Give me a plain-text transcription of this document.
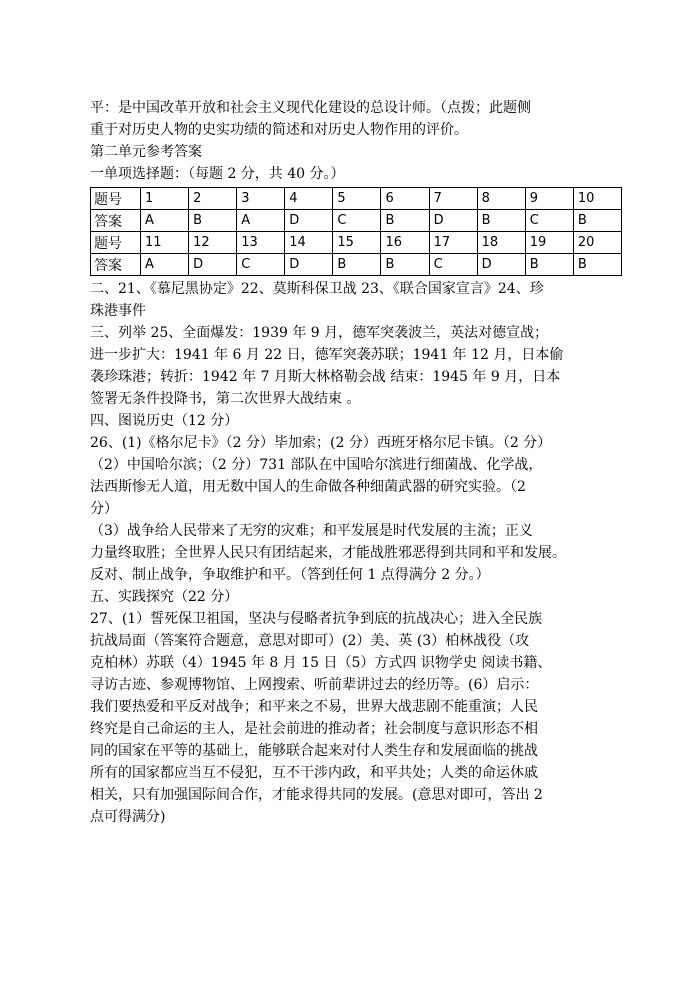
平：是中国改革开放和社会主义现代化建设的总设计师。（点拨；此题侧
重于对历史人物的史实功绩的简述和对历史人物作用的评价。
第二单元参考答案
一单项选择题：（每题 2 分，共 40 分。）
题号	1	2	3	4	5	6	7	8	9	10
答案	A	B	A	D	C	B	D	B	C	B
题号	11	12	13	14	15	16	17	18	19	20
答案	A	D	C	D	B	B	C	D	B	B
二、21、《慕尼黑协定》22、莫斯科保卫战 23、《联合国家宣言》24、珍
珠港事件
三、列举 25、全面爆发：1939 年 9 月，德军突袭波兰，英法对德宣战；
进一步扩大：1941 年 6 月 22 日，德军突袭苏联；1941 年 12 月，日本偷
袭珍珠港；转折：1942 年 7 月斯大林格勒会战 结束：1945 年 9 月，日本
签署无条件投降书，第二次世界大战结束 。
四、图说历史（12 分）
26、(1)《格尔尼卡》（2 分）毕加索；(2 分）西班牙格尔尼卡镇。（2 分）
（2）中国哈尔滨；（2 分）731 部队在中国哈尔滨进行细菌战、化学战，
法西斯惨无人道，用无数中国人的生命做各种细菌武器的研究实验。（2
分）
（3）战争给人民带来了无穷的灾难；和平发展是时代发展的主流；正义
力量终取胜；全世界人民只有团结起来，才能战胜邪恶得到共同和平和发展。
反对、制止战争，争取维护和平。（答到任何 1 点得满分 2 分。）
五、实践探究（22 分）
27、(1）誓死保卫祖国，坚决与侵略者抗争到底的抗战决心；进入全民族
抗战局面（答案符合题意，意思对即可）(2）美、英 (3）柏林战役（攻
克柏林）苏联（4）1945 年 8 月 15 日（5）方式四 识物学史 阅读书籍、
寻访古迹、参观博物馆、上网搜索、听前辈讲过去的经历等。(6）启示：
我们要热爱和平反对战争；和平来之不易，世界大战悲剧不能重演；人民
终究是自己命运的主人，是社会前进的推动者；社会制度与意识形态不相
同的国家在平等的基础上，能够联合起来对付人类生存和发展面临的挑战
所有的国家都应当互不侵犯，互不干涉内政，和平共处；人类的命运休戚
相关，只有加强国际间合作，才能求得共同的发展。(意思对即可，答出 2
点可得满分)
